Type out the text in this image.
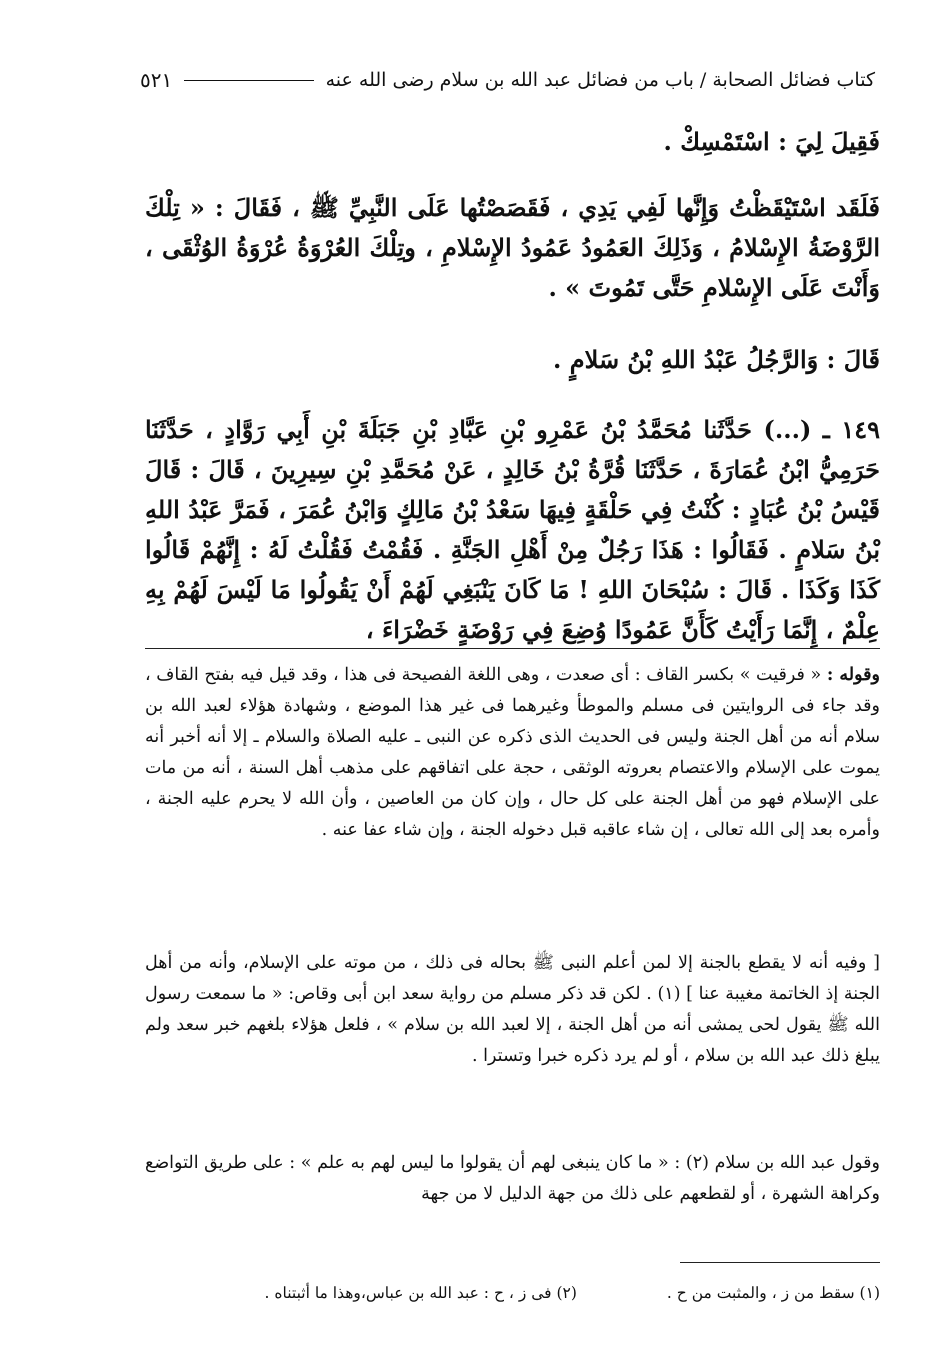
كتاب فضائل الصحابة / باب من فضائل عبد الله بن سلام رضى الله عنه
٥٢١

فَقِيلَ لِيَ : اسْتَمْسِكْ .

فَلَقَد اسْتَيْقَظْتُ وَإِنَّها لَفِي يَدِي ، فَقَصَصْتُها عَلَى النَّبِيِّ ﷺ ، فَقَالَ : « تِلْكَ الرَّوْضَةُ الإِسْلامُ ، وَذَلِكَ العَمُودُ عَمُودُ الإِسْلامِ ، وتِلْكَ العُرْوَةُ عُرْوَةُ الوُثْقَى ، وَأَنْتَ عَلَى الإِسْلامِ حَتَّى تَمُوتَ » .

قَالَ : وَالرَّجُلُ عَبْدُ اللهِ بْنُ سَلامٍ .

١٤٩ ـ (...) حَدَّثَنا مُحَمَّدُ بْنُ عَمْرِو بْنِ عَبَّادِ بْنِ جَبَلَةَ بْنِ أَبِي رَوَّادٍ ، حَدَّثَنَا حَرَمِيُّ ابْنُ عُمَارَةَ ، حَدَّثَنَا قُرَّةُ بْنُ خَالِدٍ ، عَنْ مُحَمَّدِ بْنِ سِيرِينَ ، قَالَ : قَالَ قَيْسُ بْنُ عُبَادٍ : كُنْتُ فِي حَلْقَةٍ فِيهَا سَعْدُ بْنُ مَالِكٍ وَابْنُ عُمَرَ ، فَمَرَّ عَبْدُ اللهِ بْنُ سَلامٍ . فَقَالُوا : هَذَا رَجُلٌ مِنْ أَهْلِ الجَنَّةِ . فَقُمْتُ فَقُلْتُ لَهُ : إِنَّهُمْ قَالُوا كَذَا وَكَذَا . قَالَ : سُبْحَانَ اللهِ ! مَا كَانَ يَنْبَغِي لَهُمْ أَنْ يَقُولُوا مَا لَيْسَ لَهُمْ بِهِ عِلْمٌ ، إِنَّمَا رَأَيْتُ كَأَنَّ عَمُودًا وُضِعَ فِي رَوْضَةٍ خَضْرَاءَ ،

وقوله : « فرقيت » بكسر القاف : أى صعدت ، وهى اللغة الفصيحة فى هذا ، وقد قيل فيه بفتح القاف ، وقد جاء فى الروايتين فى مسلم والموطأ وغيرهما فى غير هذا الموضع ، وشهادة هؤلاء لعبد الله بن سلام أنه من أهل الجنة وليس فى الحديث الذى ذكره عن النبى ـ عليه الصلاة والسلام ـ إلا أنه أخبر أنه يموت على الإسلام والاعتصام بعروته الوثقى ، حجة على اتفاقهم على مذهب أهل السنة ، أنه من مات على الإسلام فهو من أهل الجنة على كل حال ، وإن كان من العاصين ، وأن الله لا يحرم عليه الجنة ، وأمره بعد إلى الله تعالى ، إن شاء عاقبه قبل دخوله الجنة ، وإن شاء عفا عنه .

[ وفيه أنه لا يقطع بالجنة إلا لمن أعلم النبى ﷺ بحاله فى ذلك ، من موته على الإسلام، وأنه من أهل الجنة إذ الخاتمة مغيبة عنا ] (١) . لكن قد ذكر مسلم من رواية سعد ابن أبى وقاص: « ما سمعت رسول الله ﷺ يقول لحى يمشى أنه من أهل الجنة ، إلا لعبد الله بن سلام » ، فلعل هؤلاء بلغهم خبر سعد ولم يبلغ ذلك عبد الله بن سلام ، أو لم يرد ذكره خبرا وتسترا .

وقول عبد الله بن سلام (٢) : « ما كان ينبغى لهم أن يقولوا ما ليس لهم به علم » : على طريق التواضع وكراهة الشهرة ، أو لقطعهم على ذلك من جهة الدليل لا من جهة

(١) سقط من ز ، والمثبت من ح .
(٢) فى ز ، ح : عبد الله بن عباس،وهذا ما أثبتناه .
